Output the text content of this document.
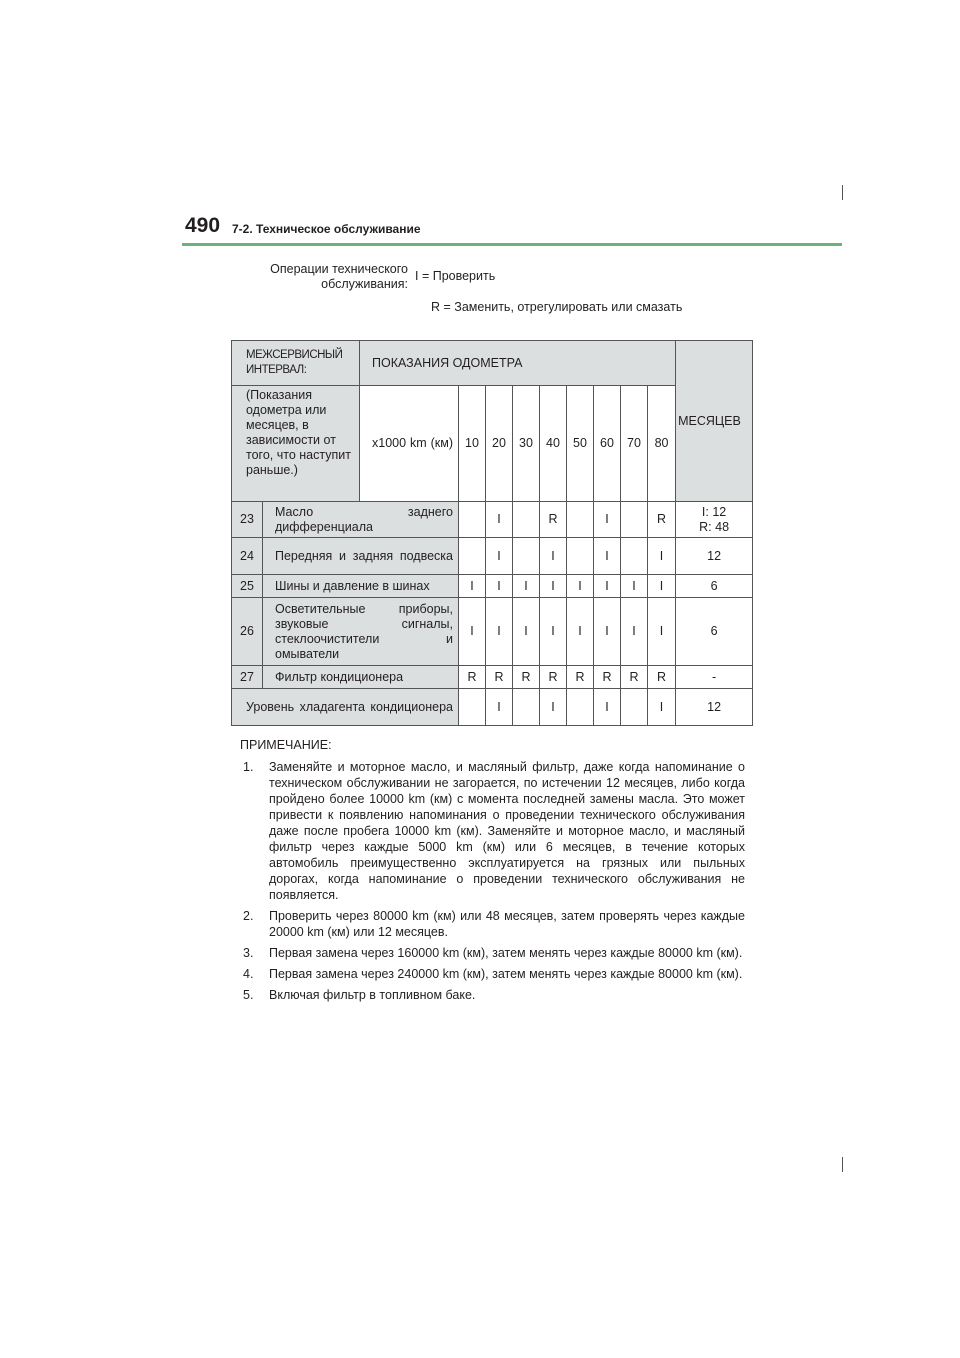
490 7-2. Техническое обслуживание
Операции технического обслуживания:
I = Проверить
R = Заменить, отрегулировать или смазать
МЕЖСЕРВИСНЫЙ ИНТЕРВАЛ:		ПОКАЗАНИЯ ОДОМЕТРА									МЕСЯЦЕВ
(Показания одометра или месяцев, в зависимости от того, что наступит раньше.)		x1000 km (км)	10	20	30	40	50	60	70	80	
23	Масло заднего дифференциала			I		R		I		R	I: 12
R: 48
24	Передняя и задняя подвеска			I		I		I		I	12
25	Шины и давление в шинах		I	I	I	I	I	I	I	I	6
26	Осветительные приборы, звуковые сигналы, стеклоочистители и омыватели		I	I	I	I	I	I	I	I	6
27	Фильтр кондиционера		R	R	R	R	R	R	R	R	-
Уровень хладагента кондиционера				I		I		I		I	12
ПРИМЕЧАНИЕ:
1.	Заменяйте и моторное масло, и масляный фильтр, даже когда напоминание о техническом обслуживании не загорается, по истечении 12 месяцев, либо когда пройдено более 10000 km (км) с момента последней замены масла. Это может привести к появлению напоминания о проведении технического обслуживания даже после пробега 10000 km (км). Заменяйте и моторное масло, и масляный фильтр через каждые 5000 km (км) или 6 месяцев, в течение которых автомобиль преимущественно эксплуатируется на грязных или пыльных дорогах, когда напоминание о проведении технического обслуживания не появляется.
2.	Проверить через 80000 km (км) или 48 месяцев, затем проверять через каждые 20000 km (км) или 12 месяцев.
3.	Первая замена через 160000 km (км), затем менять через каждые 80000 km (км).
4.	Первая замена через 240000 km (км), затем менять через каждые 80000 km (км).
5.	Включая фильтр в топливном баке.
